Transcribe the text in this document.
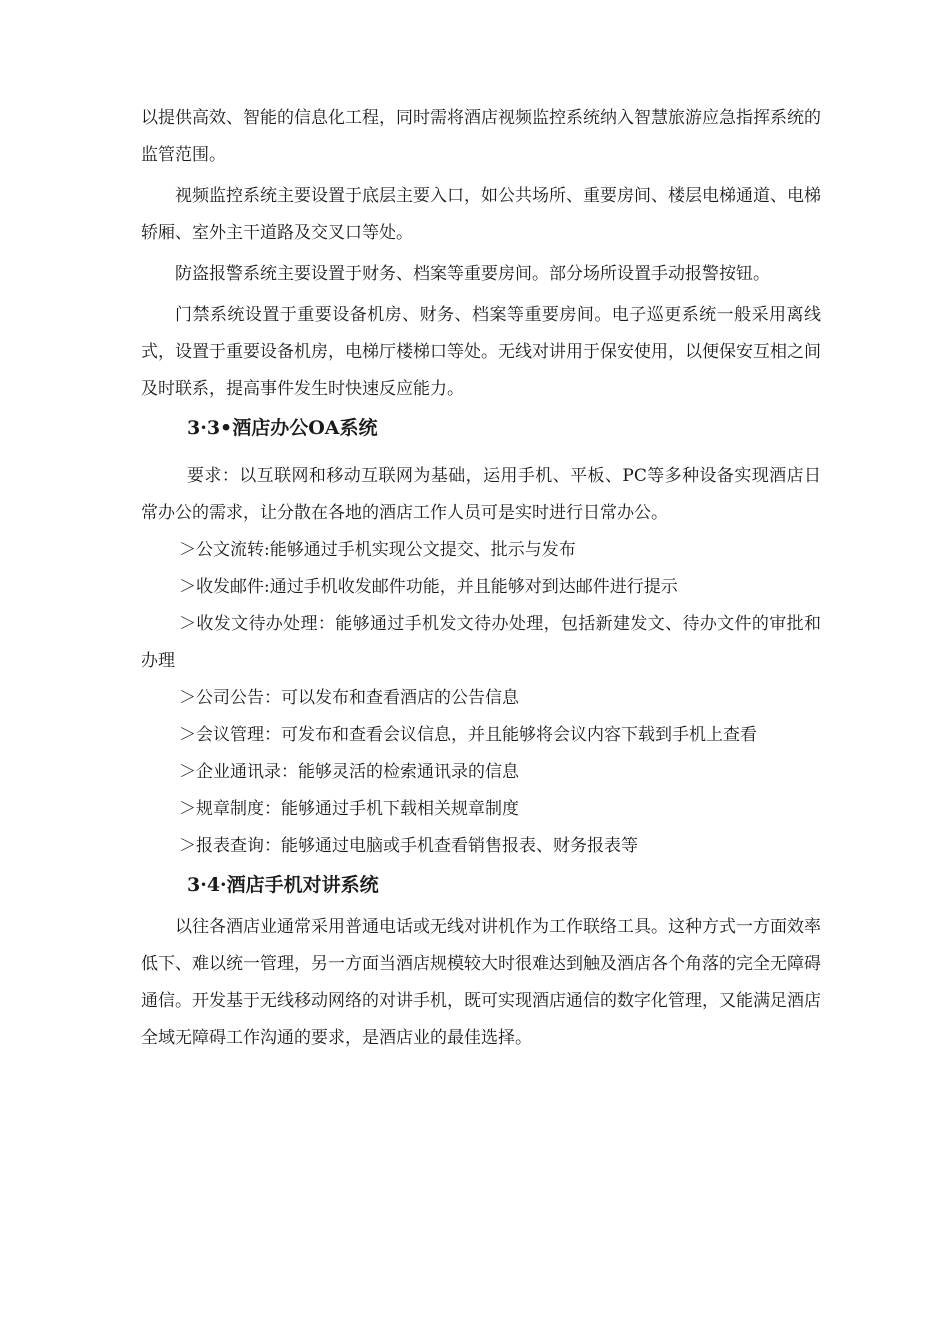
以提供高效、智能的信息化工程，同时需将酒店视频监控系统纳入智慧旅游应急指挥系统的监管范围。

视频监控系统主要设置于底层主要入口，如公共场所、重要房间、楼层电梯通道、电梯轿厢、室外主干道路及交叉口等处。

防盗报警系统主要设置于财务、档案等重要房间。部分场所设置手动报警按钮。

门禁系统设置于重要设备机房、财务、档案等重要房间。电子巡更系统一般采用离线式，设置于重要设备机房，电梯厅楼梯口等处。无线对讲用于保安使用，以便保安互相之间及时联系，提高事件发生时快速反应能力。

3·3•酒店办公OA系统

要求：以互联网和移动互联网为基础，运用手机、平板、PC等多种设备实现酒店日常办公的需求，让分散在各地的酒店工作人员可是实时进行日常办公。

＞公文流转:能够通过手机实现公文提交、批示与发布

＞收发邮件:通过手机收发邮件功能，并且能够对到达邮件进行提示

＞收发文待办处理：能够通过手机发文待办处理，包括新建发文、待办文件的审批和办理

＞公司公告：可以发布和查看酒店的公告信息

＞会议管理：可发布和查看会议信息，并且能够将会议内容下载到手机上查看

＞企业通讯录：能够灵活的检索通讯录的信息

＞规章制度：能够通过手机下载相关规章制度

＞报表查询：能够通过电脑或手机查看销售报表、财务报表等

3·4·酒店手机对讲系统

以往各酒店业通常采用普通电话或无线对讲机作为工作联络工具。这种方式一方面效率低下、难以统一管理，另一方面当酒店规模较大时很难达到触及酒店各个角落的完全无障碍通信。开发基于无线移动网络的对讲手机，既可实现酒店通信的数字化管理，又能满足酒店全域无障碍工作沟通的要求，是酒店业的最佳选择。
